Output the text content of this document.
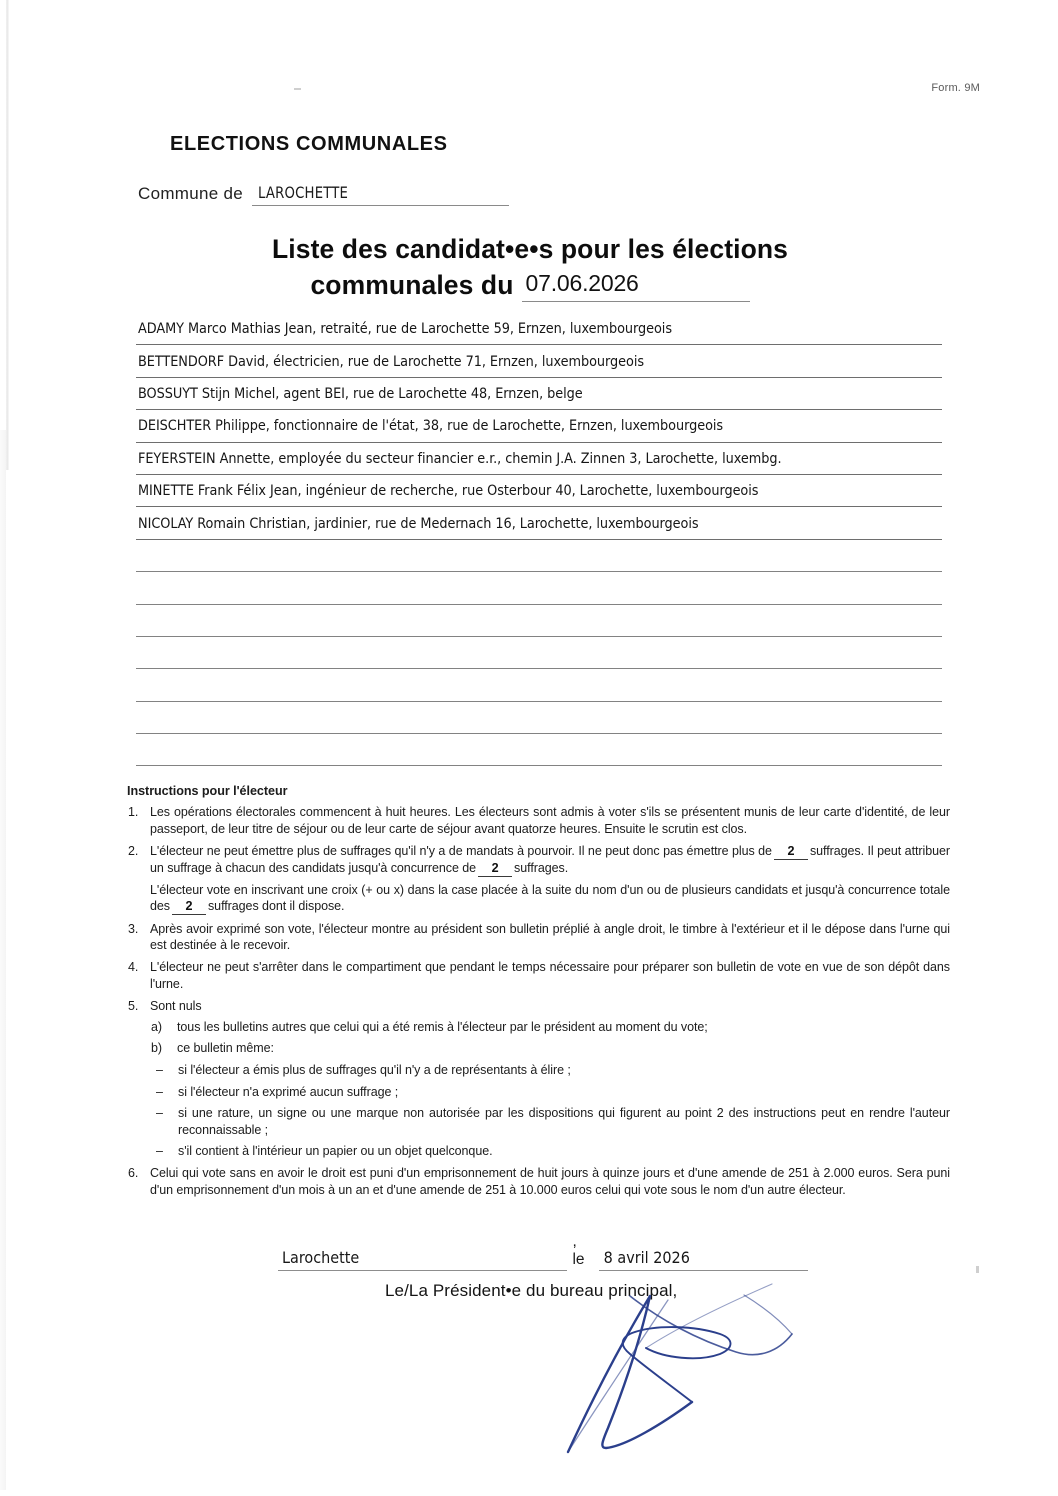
Form. 9M
ELECTIONS COMMUNALES
Commune de LAROCHETTE
Liste des candidat•e•s pour les élections
communales du 07.06.2026
ADAMY Marco Mathias Jean, retraité, rue de Larochette 59, Ernzen, luxembourgeois
BETTENDORF David, électricien, rue de Larochette 71, Ernzen, luxembourgeois
BOSSUYT Stijn Michel, agent BEI, rue de Larochette 48, Ernzen, belge
DEISCHTER Philippe, fonctionnaire de l'état, 38, rue de Larochette, Ernzen, luxembourgeois
FEYERSTEIN Annette, employée du secteur financier e.r., chemin J.A. Zinnen 3, Larochette, luxembg.
MINETTE Frank Félix Jean, ingénieur de recherche, rue Osterbour 40, Larochette, luxembourgeois
NICOLAY Romain Christian, jardinier, rue de Medernach 16, Larochette, luxembourgeois
Instructions pour l'électeur
1. Les opérations électorales commencent à huit heures. Les électeurs sont admis à voter s'ils se présentent munis de leur carte d'identité, de leur passeport, de leur titre de séjour ou de leur carte de séjour avant quatorze heures. Ensuite le scrutin est clos.
2. L'électeur ne peut émettre plus de suffrages qu'il n'y a de mandats à pourvoir. Il ne peut donc pas émettre plus de 2 suffrages. Il peut attribuer un suffrage à chacun des candidats jusqu'à concurrence de 2 suffrages.
L'électeur vote en inscrivant une croix (+ ou x) dans la case placée à la suite du nom d'un ou de plusieurs candidats et jusqu'à concurrence totale des 2 suffrages dont il dispose.
3. Après avoir exprimé son vote, l'électeur montre au président son bulletin préplié à angle droit, le timbre à l'extérieur et il le dépose dans l'urne qui est destinée à le recevoir.
4. L'électeur ne peut s'arrêter dans le compartiment que pendant le temps nécessaire pour préparer son bulletin de vote en vue de son dépôt dans l'urne.
5. Sont nuls
a)	tous les bulletins autres que celui qui a été remis à l'électeur par le président au moment du vote;
b)	ce bulletin même:
– si l'électeur a émis plus de suffrages qu'il n'y a de représentants à élire ;
– si l'électeur n'a exprimé aucun suffrage ;
– si une rature, un signe ou une marque non autorisée par les dispositions qui figurent au point 2 des instructions peut en rendre l'auteur reconnaissable ;
– s'il contient à l'intérieur un papier ou un objet quelconque.
6. Celui qui vote sans en avoir le droit est puni d'un emprisonnement de huit jours à quinze jours et d'une amende de 251 à 2.000 euros. Sera puni d'un emprisonnement d'un mois à un an et d'une amende de 251 à 10.000 euros celui qui vote sous le nom d'un autre électeur.
Larochette
, le	8 avril 2026
Le/La Président•e du bureau principal,
